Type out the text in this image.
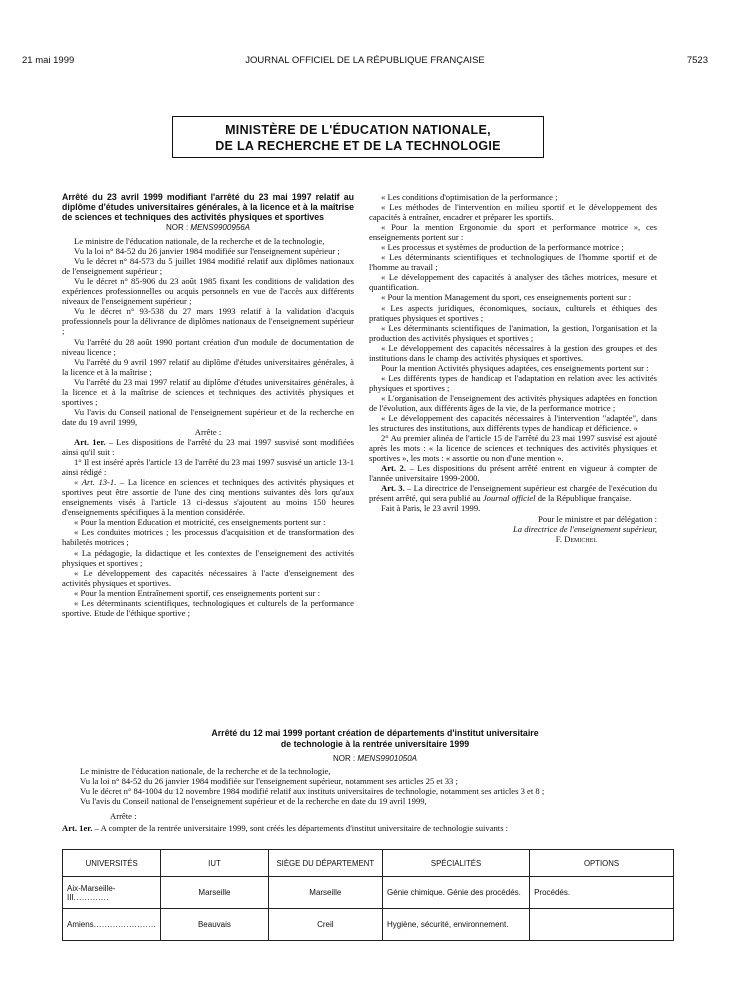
21 mai 1999	JOURNAL OFFICIEL DE LA RÉPUBLIQUE FRANÇAISE	7523
MINISTÈRE DE L'ÉDUCATION NATIONALE,
DE LA RECHERCHE ET DE LA TECHNOLOGIE
Arrêté du 23 avril 1999 modifiant l'arrêté du 23 mai 1997 relatif au diplôme d'études universitaires générales, à la licence et à la maîtrise de sciences et techniques des activités physiques et sportives
NOR : MENS9900956A

Le ministre de l'éducation nationale, de la recherche et de la technologie,

Vu la loi n° 84-52 du 26 janvier 1984 modifiée sur l'enseignement supérieur ;

Vu le décret n° 84-573 du 5 juillet 1984 modifié relatif aux diplômes nationaux de l'enseignement supérieur ;

Vu le décret n° 85-906 du 23 août 1985 fixant les conditions de validation des expériences professionnelles ou acquis personnels en vue de l'accès aux différents niveaux de l'enseignement supérieur ;

Vu le décret n° 93-538 du 27 mars 1993 relatif à la validation d'acquis professionnels pour la délivrance de diplômes nationaux de l'enseignement supérieur ;

Vu l'arrêté du 28 août 1990 portant création d'un module de documentation de niveau licence ;

Vu l'arrêté du 9 avril 1997 relatif au diplôme d'études universitaires générales, à la licence et à la maîtrise ;

Vu l'arrêté du 23 mai 1997 relatif au diplôme d'études universitaires générales, à la licence et à la maîtrise de sciences et techniques des activités physiques et sportives ;

Vu l'avis du Conseil national de l'enseignement supérieur et de la recherche en date du 19 avril 1999,

Arrête :

Art. 1er. – Les dispositions de l'arrêté du 23 mai 1997 susvisé sont modifiées ainsi qu'il suit :

1° Il est inséré après l'article 13 de l'arrêté du 23 mai 1997 susvisé un article 13-1 ainsi rédigé :

« Art. 13-1. – La licence en sciences et techniques des activités physiques et sportives peut être assortie de l'une des cinq mentions suivantes dès lors qu'aux enseignements visés à l'article 13 ci-dessus s'ajoutent au moins 150 heures d'enseignements spécifiques à la mention considérée.

« Pour la mention Education et motricité, ces enseignements portent sur :

« Les conduites motrices ; les processus d'acquisition et de transformation des habiletés motrices ;

« La pédagogie, la didactique et les contextes de l'enseignement des activités physiques et sportives ;

« Le développement des capacités nécessaires à l'acte d'enseignement des activités physiques et sportives.

« Pour la mention Entraînement sportif, ces enseignements portent sur :

« Les déterminants scientifiques, technologiques et culturels de la performance sportive. Etude de l'éthique sportive ;

« Les conditions d'optimisation de la performance ;

« Les méthodes de l'intervention en milieu sportif et le développement des capacités à entraîner, encadrer et préparer les sportifs.

« Pour la mention Ergonomie du sport et performance motrice », ces enseignements portent sur :

« Les processus et systèmes de production de la performance motrice ;

« Les déterminants scientifiques et technologiques de l'homme sportif et de l'homme au travail ;

« Le développement des capacités à analyser des tâches motrices, mesure et quantification.

« Pour la mention Management du sport, ces enseignements portent sur :

« Les aspects juridiques, économiques, sociaux, culturels et éthiques des pratiques physiques et sportives ;

« Les déterminants scientifiques de l'animation, la gestion, l'organisation et la production des activités physiques et sportives ;

« Le développement des capacités nécessaires à la gestion des groupes et des institutions dans le champ des activités physiques et sportives.

Pour la mention Activités physiques adaptées, ces enseignements portent sur :

« Les différents types de handicap et l'adaptation en relation avec les activités physiques et sportives ;

« L'organisation de l'enseignement des activités physiques adaptées en fonction de l'évolution, aux différents âges de la vie, de la performance motrice ;

« Le développement des capacités nécessaires à l'intervention "adaptée", dans les structures des institutions, aux différents types de handicap et déficience. »

2° Au premier alinéa de l'article 15 de l'arrêté du 23 mai 1997 susvisé est ajouté après les mots : « la licence de sciences et techniques des activités physiques et sportives », les mots : « assortie ou non d'une mention ».

Art. 2. – Les dispositions du présent arrêté entrent en vigueur à compter de l'année universitaire 1999-2000.

Art. 3. – La directrice de l'enseignement supérieur est chargée de l'exécution du présent arrêté, qui sera publié au Journal officiel de la République française.

Fait à Paris, le 23 avril 1999.

Pour le ministre et par délégation :

La directrice de l'enseignement supérieur,

F. Demichel

Arrêté du 12 mai 1999 portant création de départements d'institut universitaire
de technologie à la rentrée universitaire 1999
NOR : MENS9901050A

Le ministre de l'éducation nationale, de la recherche et de la technologie,

Vu la loi n° 84-52 du 26 janvier 1984 modifiée sur l'enseignement supérieur, notamment ses articles 25 et 33 ;

Vu le décret n° 84-1004 du 12 novembre 1984 modifié relatif aux instituts universitaires de technologie, notamment ses articles 3 et 8 ;

Vu l'avis du Conseil national de l'enseignement supérieur et de la recherche en date du 19 avril 1999,

Arrête :

Art. 1er. – A compter de la rentrée universitaire 1999, sont créés les départements d'institut universitaire de technologie suivants :

UNIVERSITÉS	IUT	SIÈGE DU DÉPARTEMENT	SPÉCIALITÉS	OPTIONS
Aix-Marseille-III.............	Marseille	Marseille	Génie chimique. Génie des procédés.	Procédés.
Amiens.......................	Beauvais	Creil	Hygiène, sécurité, environnement.	
